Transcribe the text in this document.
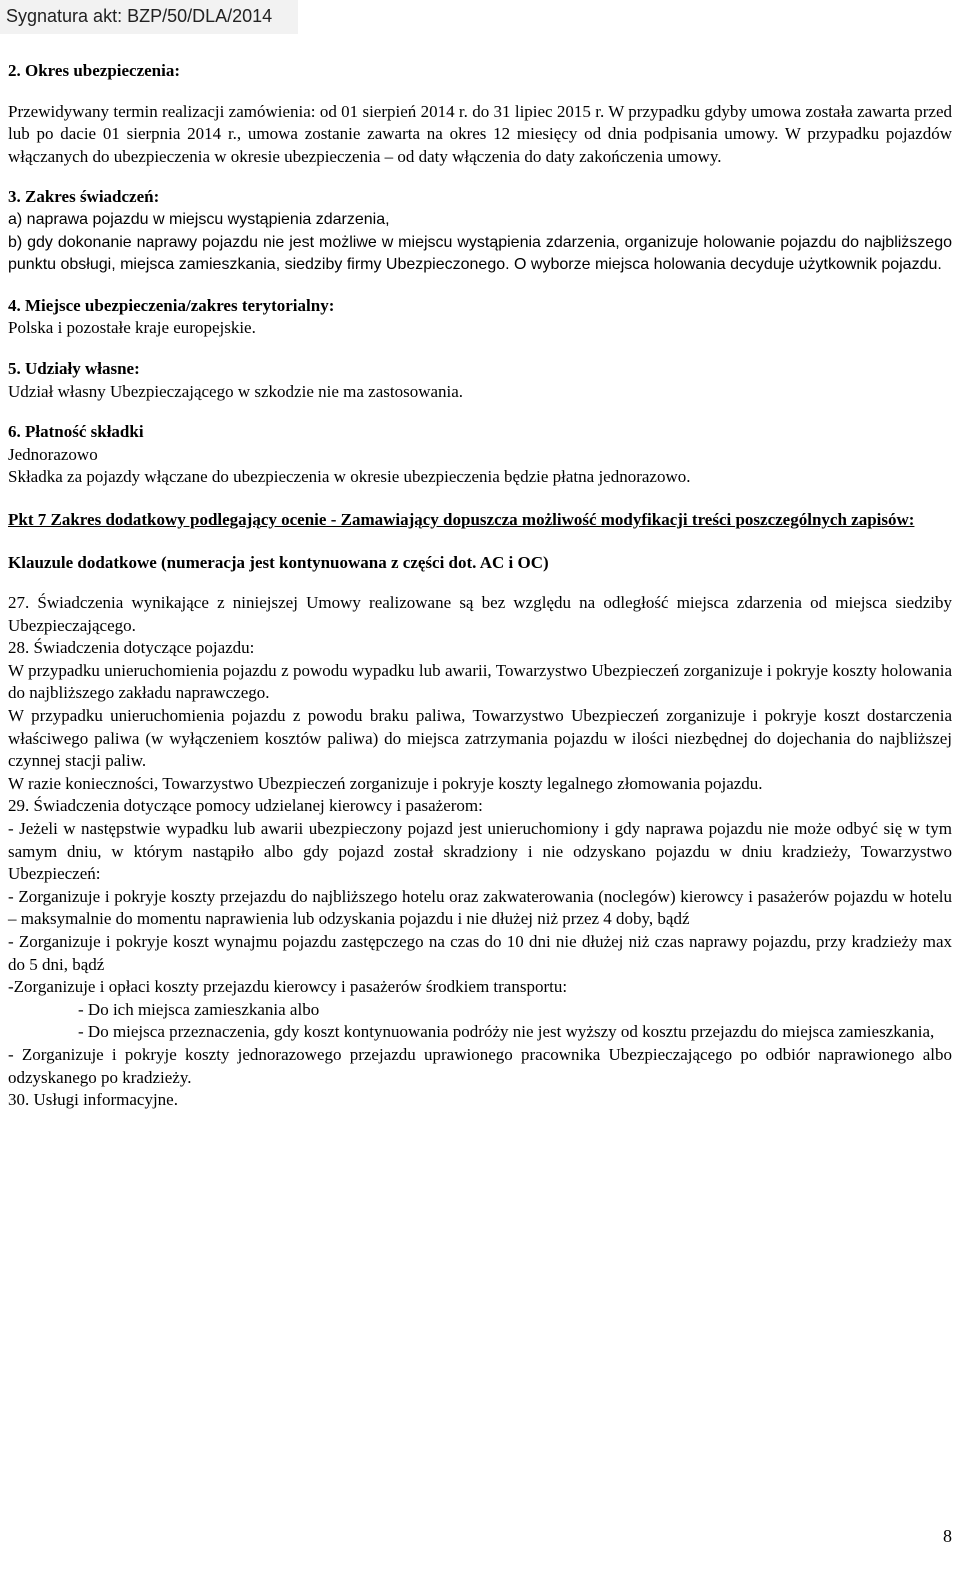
Sygnatura akt: BZP/50/DLA/2014

2. Okres ubezpieczenia:

Przewidywany termin realizacji zamówienia: od 01 sierpień 2014 r. do 31 lipiec 2015 r. W przypadku gdyby umowa została zawarta przed lub po dacie 01 sierpnia 2014 r., umowa zostanie zawarta na okres 12 miesięcy od dnia podpisania umowy. W przypadku pojazdów włączanych do ubezpieczenia w okresie ubezpieczenia – od daty włączenia do daty zakończenia umowy.

3. Zakres świadczeń:

a) naprawa pojazdu w miejscu wystąpienia zdarzenia,

b) gdy dokonanie naprawy pojazdu nie jest możliwe w miejscu wystąpienia zdarzenia, organizuje holowanie pojazdu do najbliższego punktu obsługi, miejsca zamieszkania, siedziby firmy Ubezpieczonego. O wyborze miejsca holowania decyduje użytkownik pojazdu.

4. Miejsce ubezpieczenia/zakres terytorialny:

Polska i pozostałe kraje europejskie.

5. Udziały własne:

Udział własny Ubezpieczającego w szkodzie nie ma zastosowania.

6. Płatność składki

Jednorazowo

Składka za pojazdy włączane do ubezpieczenia w okresie ubezpieczenia będzie płatna jednorazowo.

Pkt 7 Zakres dodatkowy podlegający ocenie - Zamawiający dopuszcza możliwość modyfikacji treści poszczególnych zapisów:

Klauzule dodatkowe (numeracja jest kontynuowana z części dot. AC i OC)

27. Świadczenia wynikające z niniejszej Umowy realizowane są bez względu na odległość miejsca zdarzenia od miejsca siedziby Ubezpieczającego.

28. Świadczenia dotyczące pojazdu:

W przypadku unieruchomienia pojazdu z powodu wypadku lub awarii, Towarzystwo Ubezpieczeń zorganizuje i pokryje koszty holowania do najbliższego zakładu naprawczego.

W przypadku unieruchomienia pojazdu z powodu braku paliwa, Towarzystwo Ubezpieczeń zorganizuje i pokryje koszt dostarczenia właściwego paliwa (w wyłączeniem kosztów paliwa) do miejsca zatrzymania pojazdu w ilości niezbędnej do dojechania do najbliższej czynnej stacji paliw.

W razie konieczności, Towarzystwo Ubezpieczeń zorganizuje i pokryje koszty legalnego złomowania pojazdu.

29. Świadczenia dotyczące pomocy udzielanej kierowcy i pasażerom:

- Jeżeli w następstwie wypadku lub awarii ubezpieczony pojazd jest unieruchomiony i gdy naprawa pojazdu nie może odbyć się w tym samym dniu, w którym nastąpiło albo gdy pojazd został skradziony i nie odzyskano pojazdu w dniu kradzieży, Towarzystwo Ubezpieczeń:

- Zorganizuje i pokryje koszty przejazdu do najbliższego hotelu oraz zakwaterowania (noclegów) kierowcy i pasażerów pojazdu w hotelu – maksymalnie do momentu naprawienia lub odzyskania pojazdu i nie dłużej niż przez 4 doby, bądź

- Zorganizuje i pokryje koszt wynajmu pojazdu zastępczego na czas do 10 dni nie dłużej niż czas naprawy pojazdu, przy kradzieży max do 5 dni, bądź

-Zorganizuje i opłaci koszty przejazdu kierowcy i pasażerów środkiem transportu:

- Do ich miejsca zamieszkania albo

- Do miejsca przeznaczenia, gdy koszt kontynuowania podróży nie jest wyższy od kosztu przejazdu do miejsca zamieszkania,

- Zorganizuje i pokryje koszty jednorazowego przejazdu uprawionego pracownika Ubezpieczającego po odbiór naprawionego albo odzyskanego po kradzieży.

30. Usługi informacyjne.

8
